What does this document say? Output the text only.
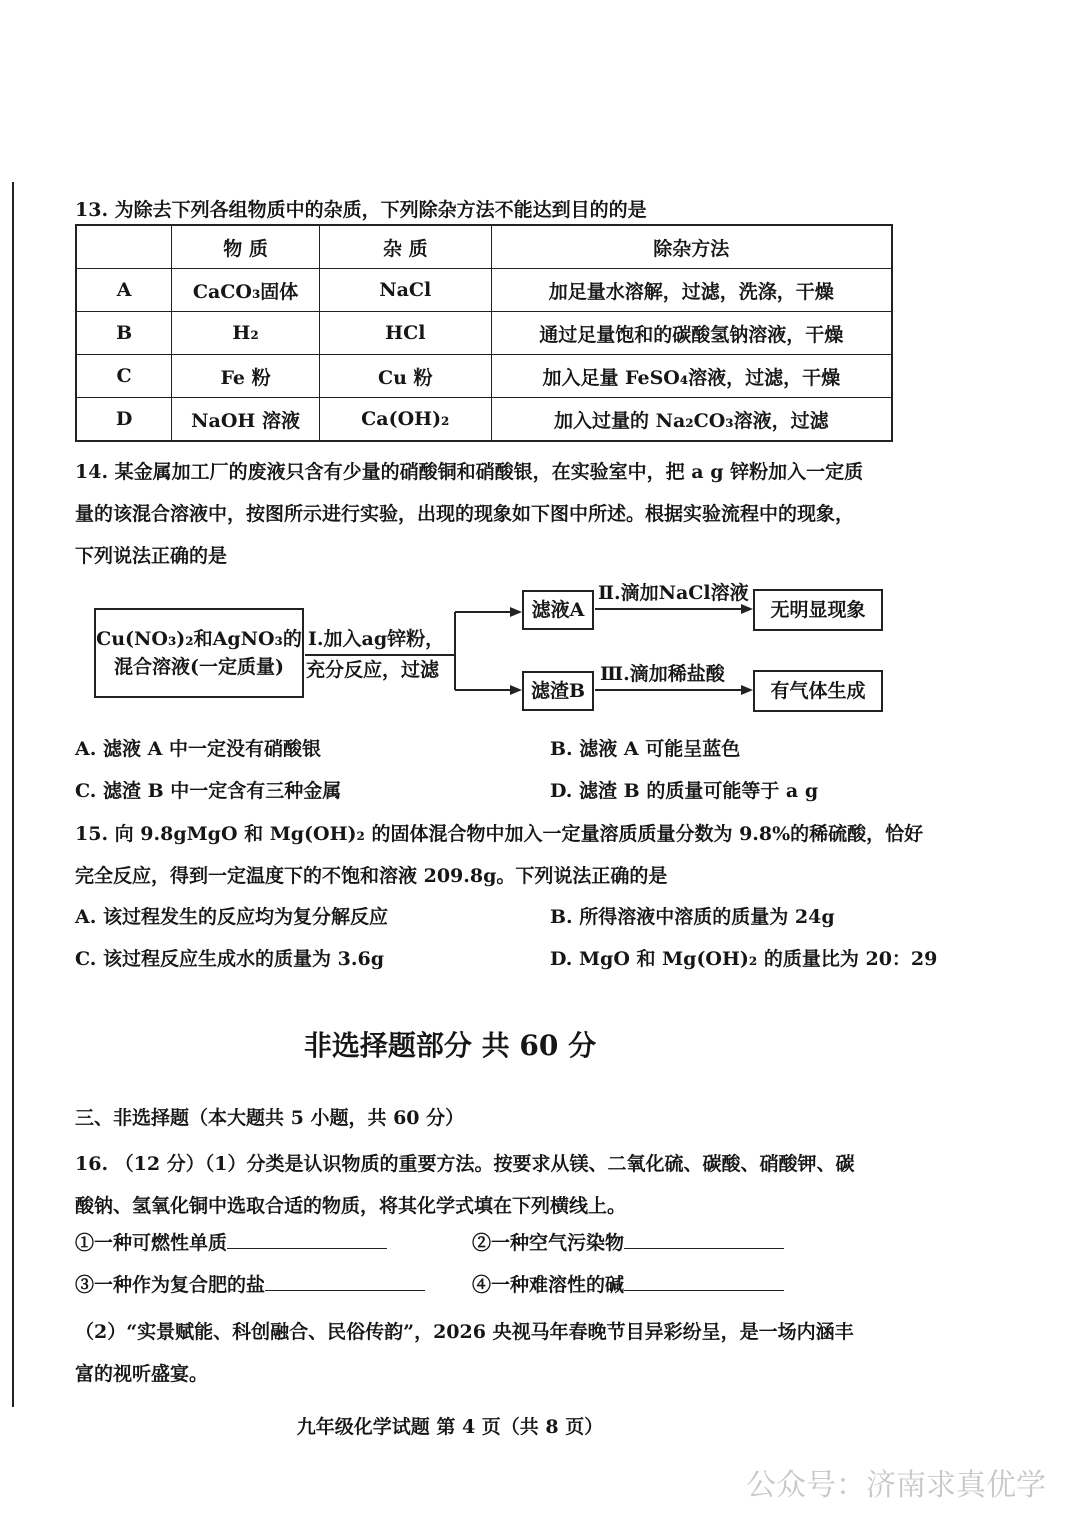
13. 为除去下列各组物质中的杂质，下列除杂方法不能达到目的的是
	物 质	杂 质	除杂方法
A	CaCO₃固体	NaCl	加足量水溶解，过滤，洗涤，干燥
B	H₂	HCl	通过足量饱和的碳酸氢钠溶液，干燥
C	Fe 粉	Cu 粉	加入足量 FeSO₄溶液，过滤，干燥
D	NaOH 溶液	Ca(OH)₂	加入过量的 Na₂CO₃溶液，过滤
14. 某金属加工厂的废液只含有少量的硝酸铜和硝酸银，在实验室中，把 a g 锌粉加入一定质
量的该混合溶液中，按图所示进行实验，出现的现象如下图中所述。根据实验流程中的现象，
下列说法正确的是
Cu(NO₃)₂和AgNO₃的
混合溶液(一定质量)
Ⅰ.加入ag锌粉，
充分反应，过滤
滤液A
滤渣B
Ⅱ.滴加NaCl溶液
Ⅲ.滴加稀盐酸
无明显现象
有气体生成
A. 滤液 A 中一定没有硝酸银	B. 滤液 A 可能呈蓝色
C. 滤渣 B 中一定含有三种金属	D. 滤渣 B 的质量可能等于 a g
15. 向 9.8gMgO 和 Mg(OH)₂ 的固体混合物中加入一定量溶质质量分数为 9.8%的稀硫酸，恰好
完全反应，得到一定温度下的不饱和溶液 209.8g。下列说法正确的是
A. 该过程发生的反应均为复分解反应	B. 所得溶液中溶质的质量为 24g
C. 该过程反应生成水的质量为 3.6g	D. MgO 和 Mg(OH)₂ 的质量比为 20：29
非选择题部分 共 60 分
三、非选择题（本大题共 5 小题，共 60 分）
16. （12 分）（1）分类是认识物质的重要方法。按要求从镁、二氧化硫、碳酸、硝酸钾、碳
酸钠、氢氧化铜中选取合适的物质，将其化学式填在下列横线上。
①一种可燃性单质	②一种空气污染物
③一种作为复合肥的盐	④一种难溶性的碱
（2）“实景赋能、科创融合、民俗传韵”，2026 央视马年春晚节目异彩纷呈，是一场内涵丰
富的视听盛宴。
九年级化学试题 第 4 页（共 8 页）
公众号：济南求真优学
